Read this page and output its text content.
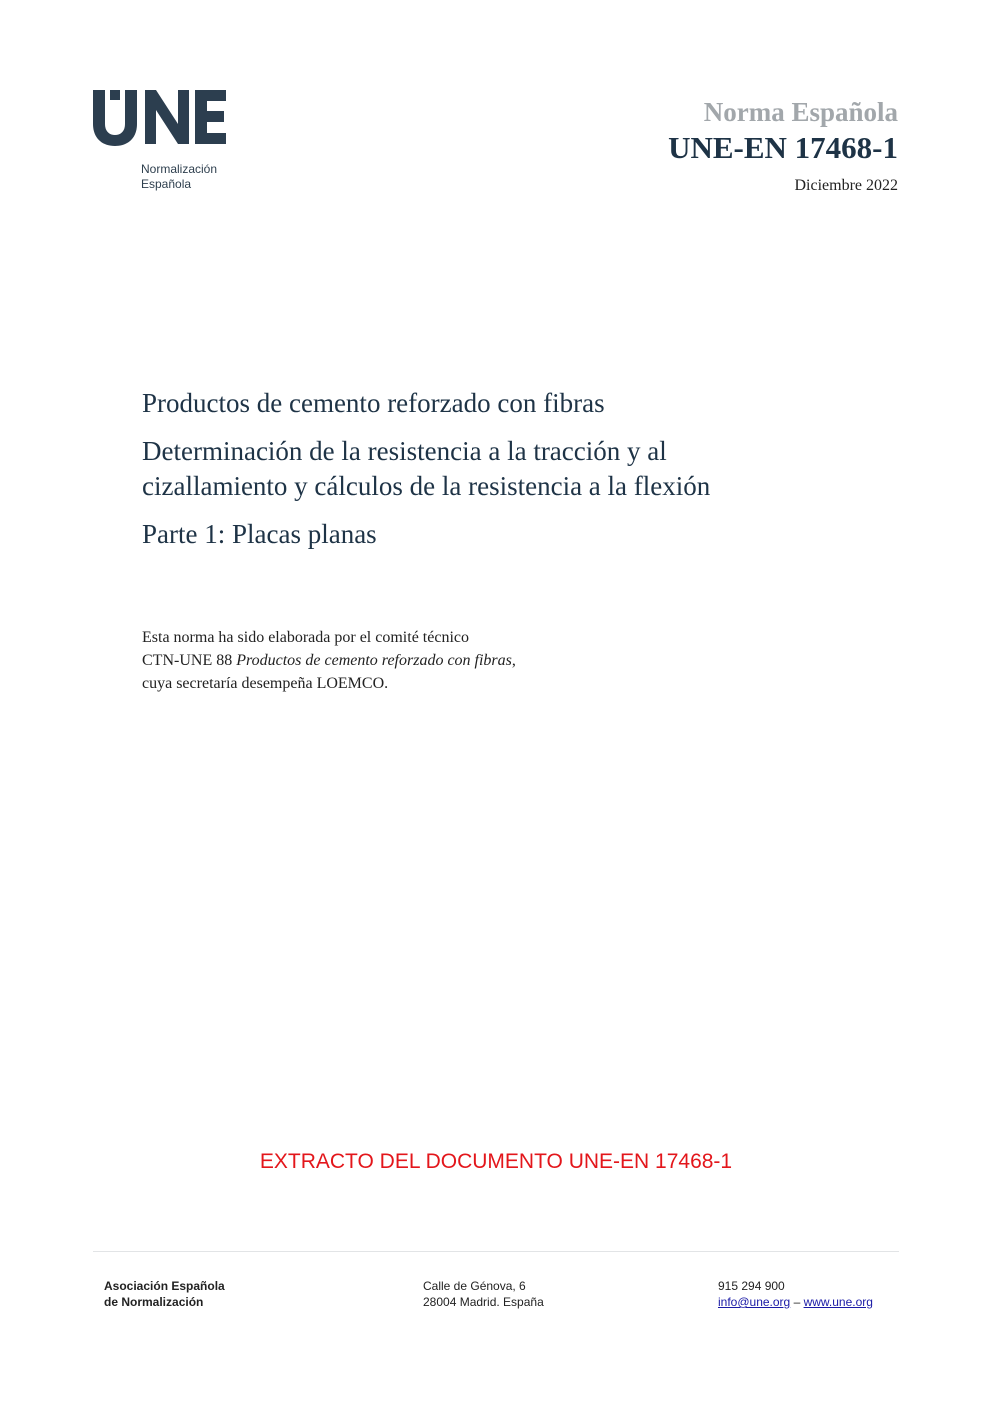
Normalización
Española
Norma Española
UNE-EN 17468-1
Diciembre 2022
Productos de cemento reforzado con fibras
Determinación de la resistencia a la tracción y al
cizallamiento y cálculos de la resistencia a la flexión
Parte 1: Placas planas
Esta norma ha sido elaborada por el comité técnico
CTN-UNE 88 Productos de cemento reforzado con fibras,
cuya secretaría desempeña LOEMCO.
EXTRACTO DEL DOCUMENTO UNE-EN 17468-1
Asociación Española
de Normalización
Calle de Génova, 6
28004 Madrid. España
915 294 900
info@une.org – www.une.org
